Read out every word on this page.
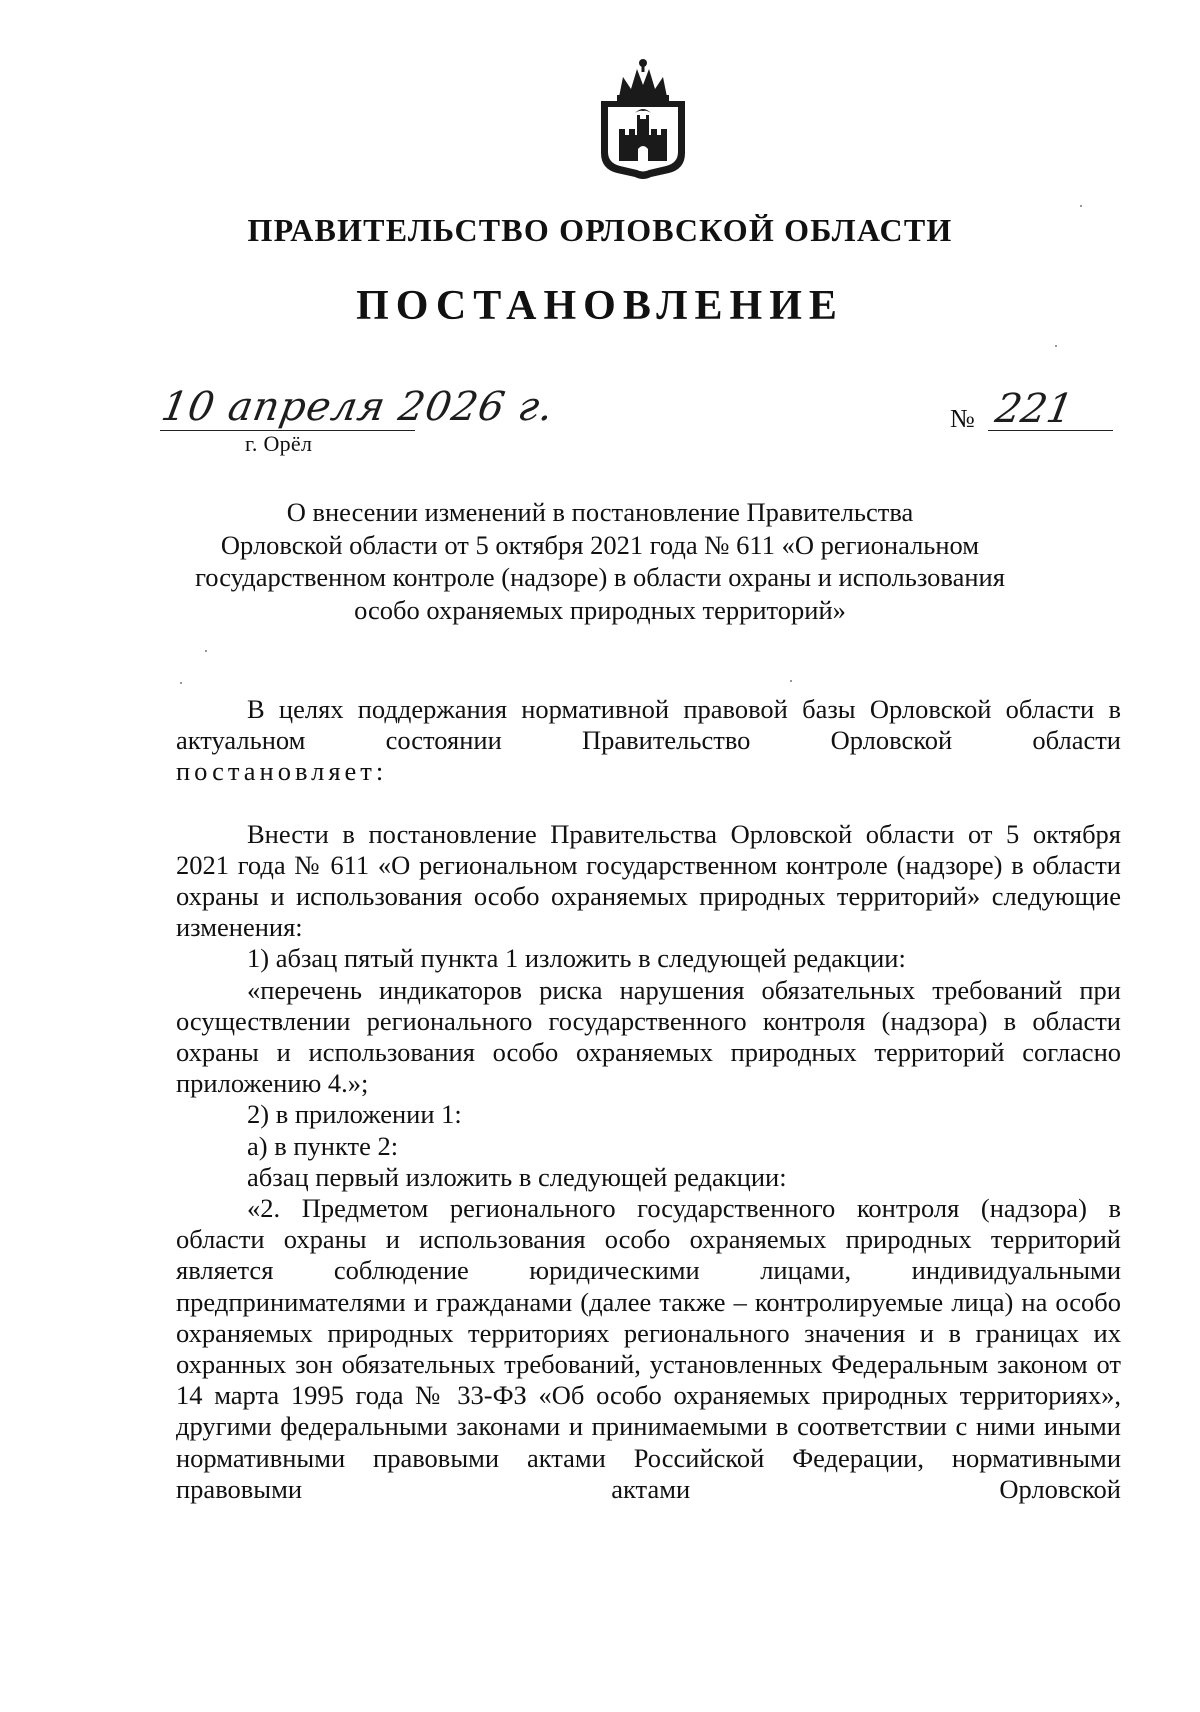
ПРАВИТЕЛЬСТВО ОРЛОВСКОЙ ОБЛАСТИ
ПОСТАНОВЛЕНИЕ
10 апреля 2026 г.
г. Орёл
№ 221
О внесении изменений в постановление Правительства
Орловской области от 5 октября 2021 года № 611 «О региональном
государственном контроле (надзоре) в области охраны и использования
особо охраняемых природных территорий»

В целях поддержания нормативной правовой базы Орловской области в актуальном состоянии Правительство Орловской области

постановляет:

Внести в постановление Правительства Орловской области от 5 октября 2021 года № 611 «О региональном государственном контроле (надзоре) в области охраны и использования особо охраняемых природных территорий» следующие изменения:

1) абзац пятый пункта 1 изложить в следующей редакции:

«перечень индикаторов риска нарушения обязательных требований при осуществлении регионального государственного контроля (надзора) в области охраны и использования особо охраняемых природных территорий согласно приложению 4.»;

2) в приложении 1:

а) в пункте 2:

абзац первый изложить в следующей редакции:

«2. Предметом регионального государственного контроля (надзора) в области охраны и использования особо охраняемых природных территорий является соблюдение юридическими лицами, индивидуальными предпринимателями и гражданами (далее также – контролируемые лица) на особо охраняемых природных территориях регионального значения и в границах их охранных зон обязательных требований, установленных Федеральным законом от 14 марта 1995 года № 33-ФЗ «Об особо охраняемых природных территориях», другими федеральными законами и принимаемыми в соответствии с ними иными нормативными правовыми актами Российской Федерации, нормативными правовыми актами Орловской
